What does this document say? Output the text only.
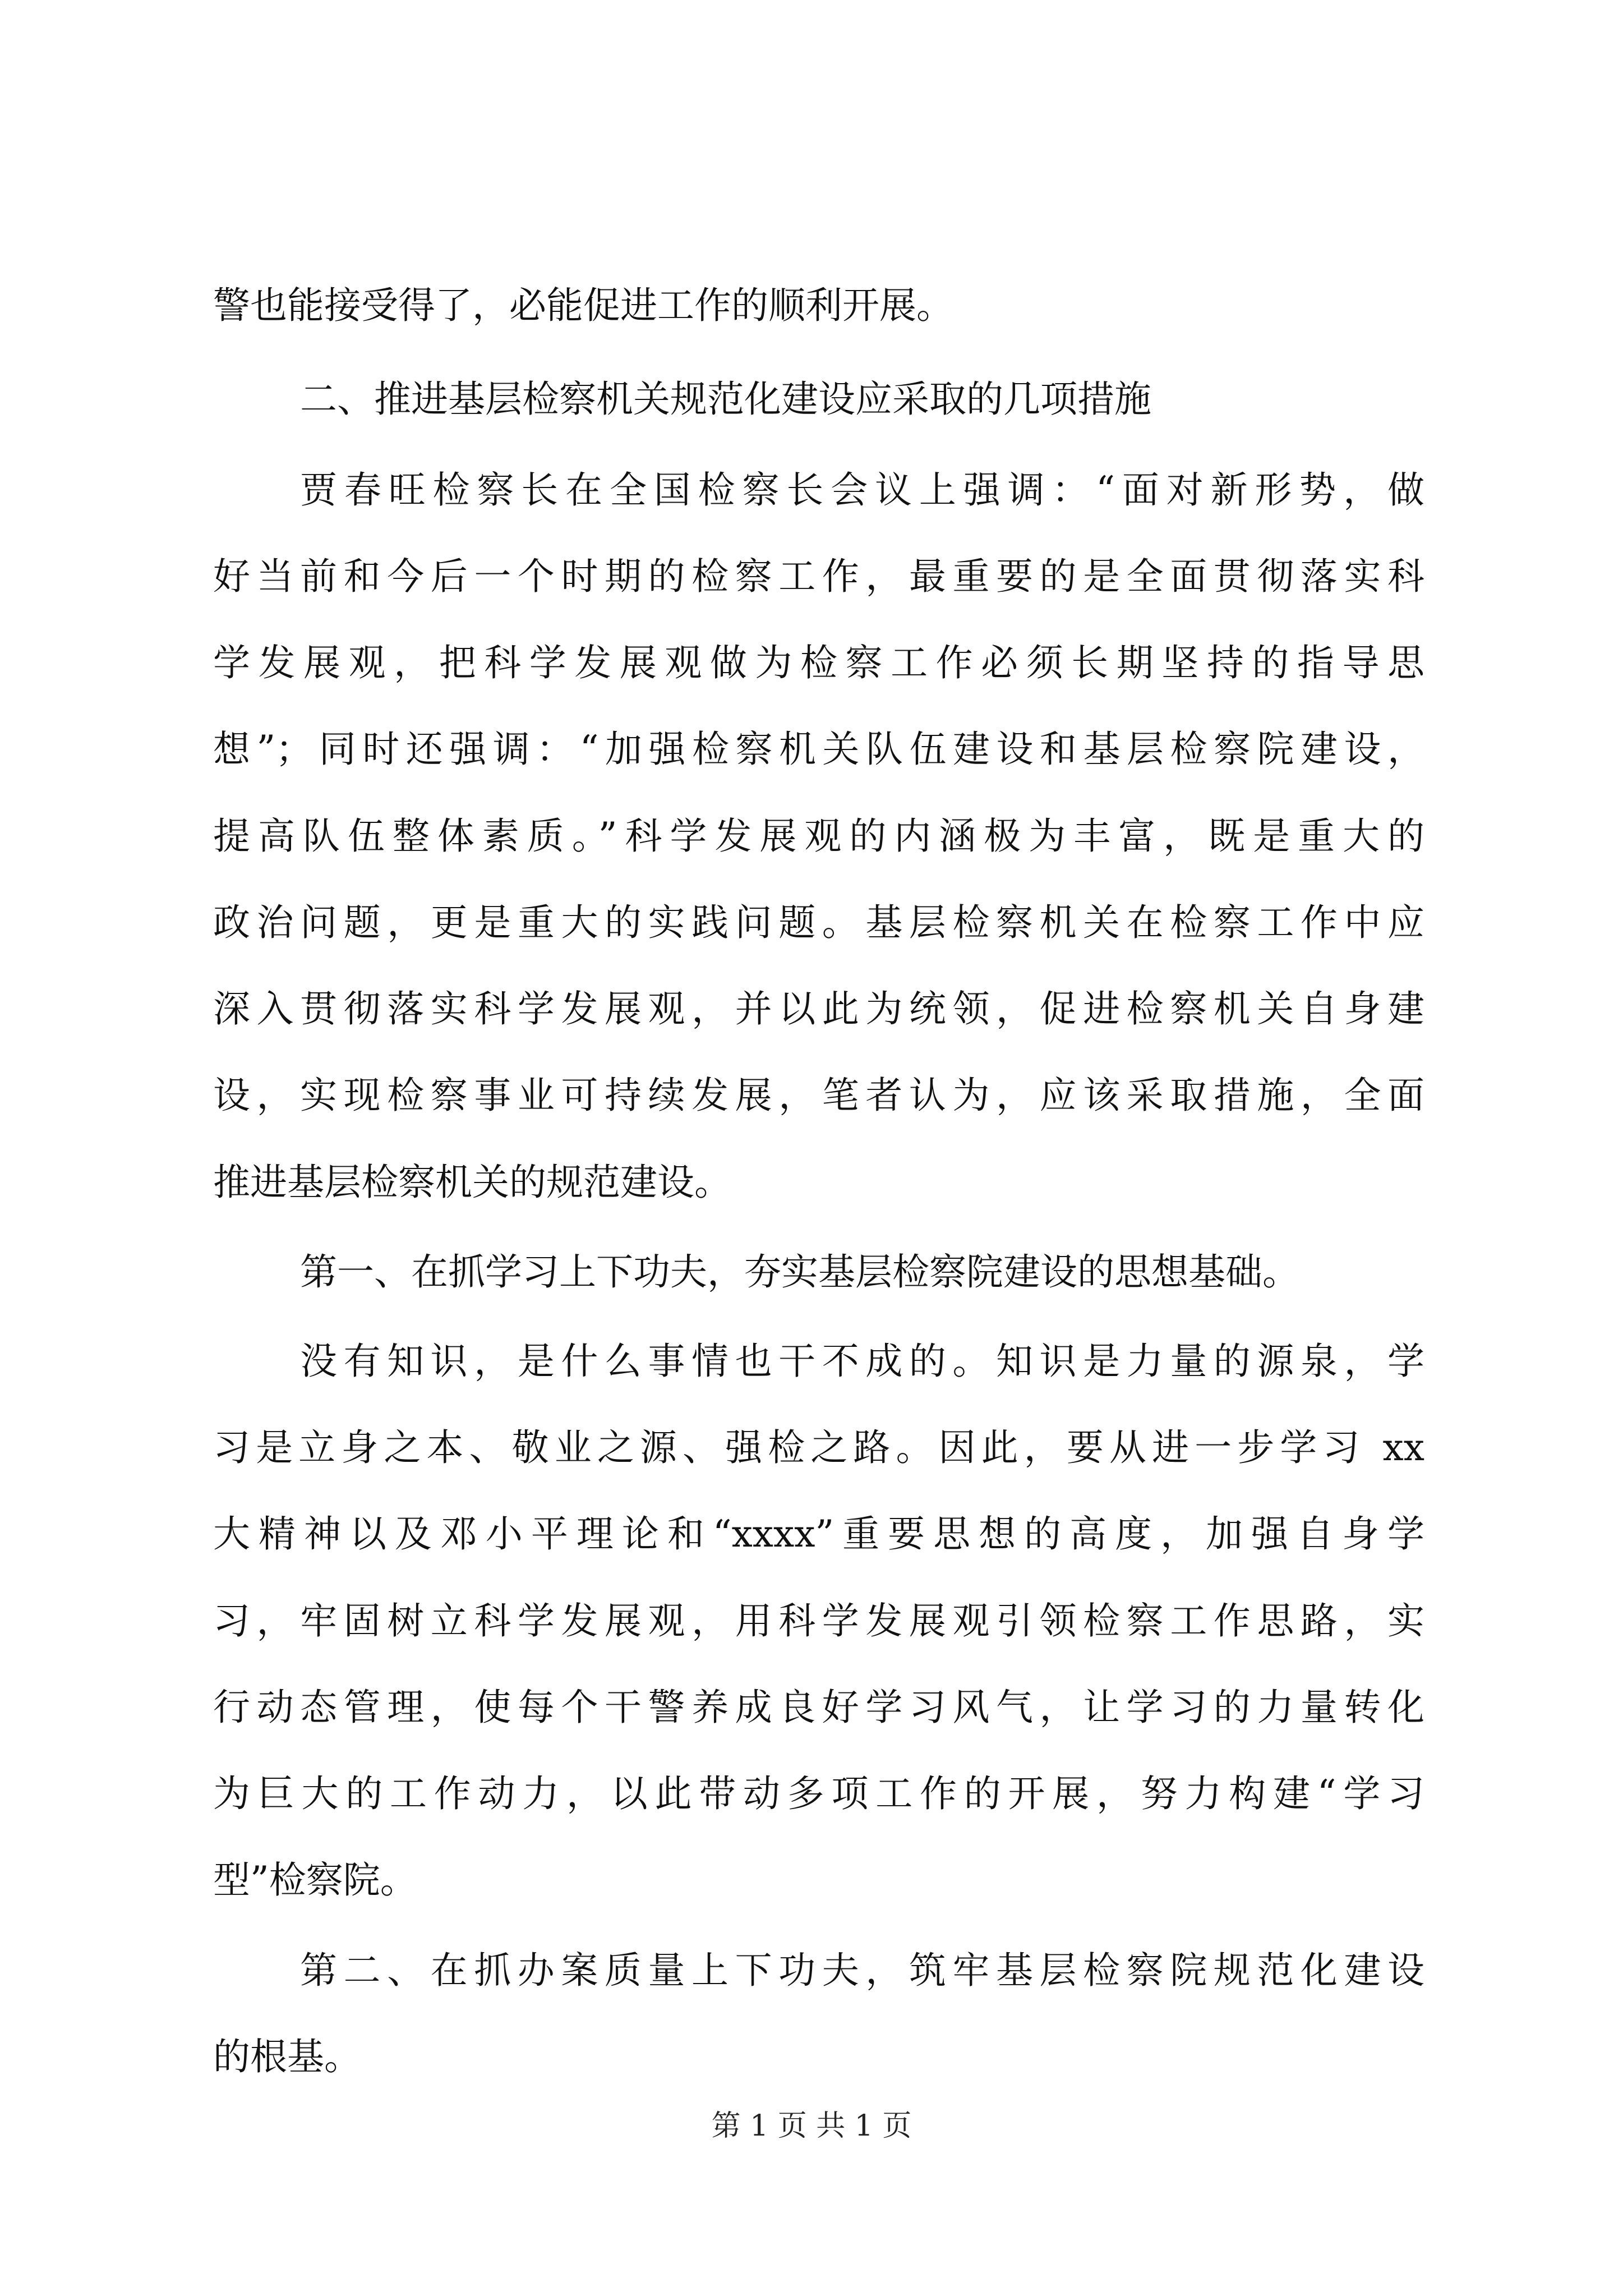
警也能接受得了，必能促进工作的顺利开展。
二、推进基层检察机关规范化建设应采取的几项措施
贾春旺检察长在全国检察长会议上强调：“面对新形势，做
好当前和今后一个时期的检察工作，最重要的是全面贯彻落实科
学发展观，把科学发展观做为检察工作必须长期坚持的指导思
想”；同时还强调：“加强检察机关队伍建设和基层检察院建设，
提高队伍整体素质。”科学发展观的内涵极为丰富，既是重大的
政治问题，更是重大的实践问题。基层检察机关在检察工作中应
深入贯彻落实科学发展观，并以此为统领，促进检察机关自身建
设，实现检察事业可持续发展，笔者认为，应该采取措施，全面
推进基层检察机关的规范建设。
第一、在抓学习上下功夫，夯实基层检察院建设的思想基础。
没有知识，是什么事情也干不成的。知识是力量的源泉，学
习是立身之本、敬业之源、强检之路。因此，要从进一步学习 xx
大精神以及邓小平理论和“xxxx”重要思想的高度，加强自身学
习，牢固树立科学发展观，用科学发展观引领检察工作思路，实
行动态管理，使每个干警养成良好学习风气，让学习的力量转化
为巨大的工作动力，以此带动多项工作的开展，努力构建“学习
型”检察院。
第二、在抓办案质量上下功夫，筑牢基层检察院规范化建设
的根基。
第 1 页 共 1 页
